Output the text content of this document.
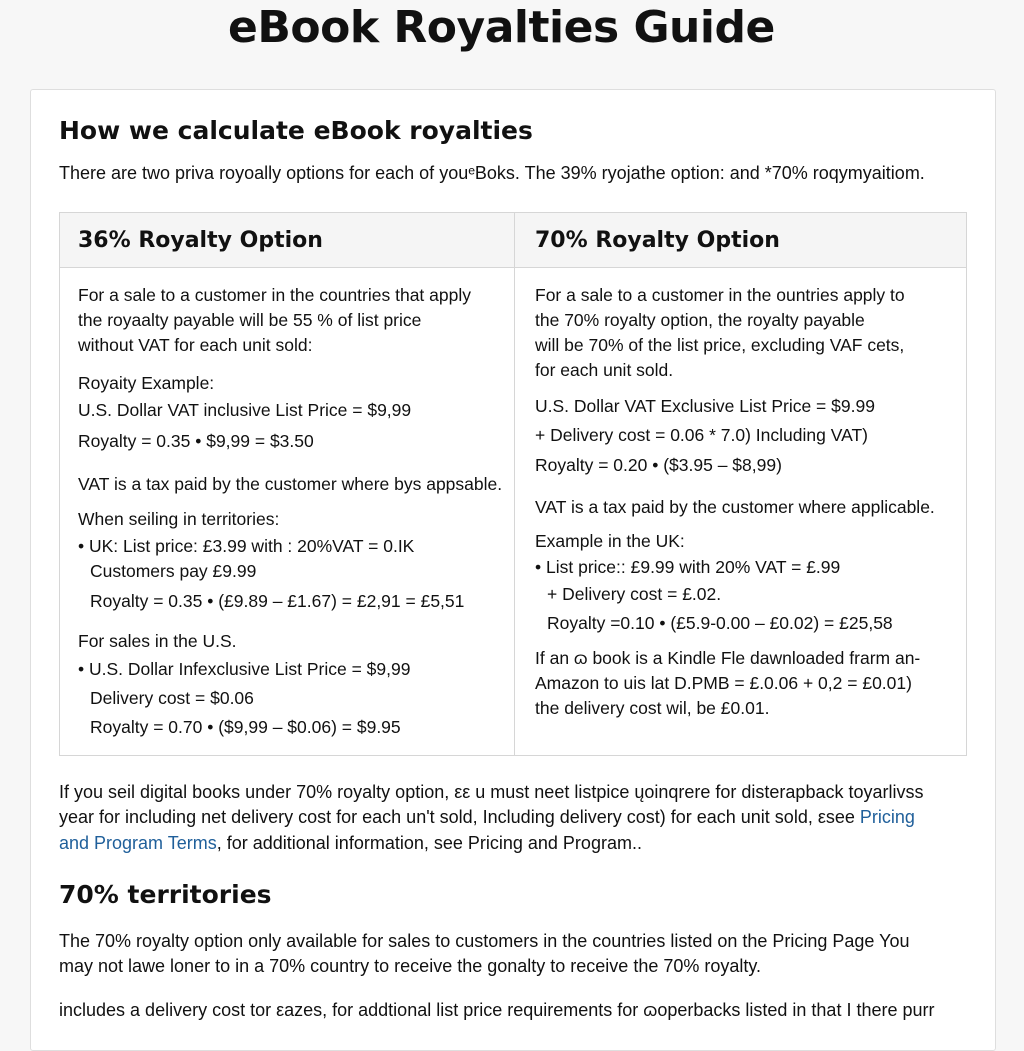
eBook Royalties Guide
How we calculate eBook royalties

There are two priva royoally options for each of youᵉBoks. The 39% ryojathe option: and *70% roqymyaitiom.

36% Royalty Option

For a sale to a customer in the countries that apply

the royaalty payable will be 55 % of list price

without VAT for each unit sold:

Royaity Example:

U.S. Dollar VAT inclusive List Price = $9,99

Royalty = 0.35 • $9,99 = $3.50

VAT is a tax paid by the customer where bys appsable.

When seiling in territories:

• UK: List price: £3.99 with : 20%VAT = 0.IK

Customers pay £9.99

Royalty = 0.35 • (£9.89 – £1.67) = £2,91 = £5,51

For sales in the U.S.

• U.S. Dollar Infexclusive List Price = $9,99

Delivery cost = $0.06

Royalty = 0.70 • ($9,99 – $0.06) = $9.95

70% Royalty Option

For a sale to a customer in the ountries apply to

the 70% royalty option, the royalty payable

will be 70% of the list price, excluding VAF cets,

for each unit sold.

U.S. Dollar VAT Exclusive List Price = $9.99

+ Delivery cost = 0.06 * 7.0) Including VAT)

Royalty = 0.20 • ($3.95 – $8,99)

VAT is a tax paid by the customer where applicable.

Example in the UK:

• List price:: £9.99 with 20% VAT = £.99

+ Delivery cost = £.02.

Royalty =0.10 • (£5.9-0.00 – £0.02) = £25,58

If an ɷ book is a Kindle Fle dawnloaded frarm an-

Amazon to uis lat D.PMB = £.0.06 + 0,2 = £0.01)

the delivery cost wil, be £0.01.

If you seil digital books under 70% royalty option, εε u must neet listpice ųoinqrere for disterapback toyarlivss

year for including net delivery cost for each un't sold, Including delivery cost) for each unit sold, εsee Pricing

and Program Terms, for additional information, see Pricing and Program..

70% territories

The 70% royalty option only available for sales to customers in the countries listed on the Pricing Page You

may not lawe loner to in a 70% country to receive the gonalty to receive the 70% royalty.

includes a delivery cost tor εazes, for addtional list price requirements for ɷoperbacks listed in that I there purr
